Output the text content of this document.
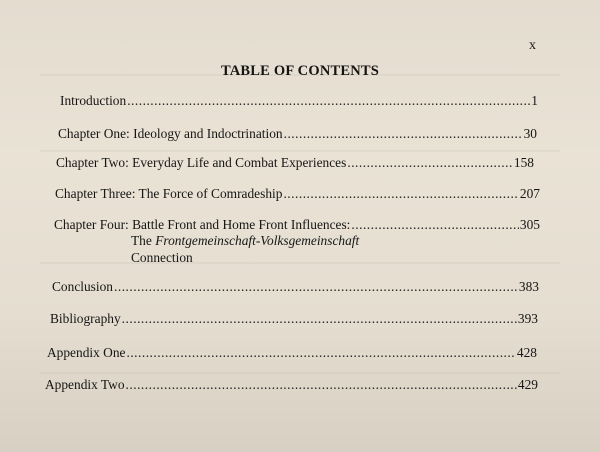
x
TABLE OF CONTENTS
Introduction .....	1
Chapter One: Ideology and Indoctrination .....	30
Chapter Two: Everyday Life and Combat Experiences .....	158
Chapter Three: The Force of Comradeship .....	207
Chapter Four: Battle Front and Home Front Influences: .....	305
The Frontgemeinschaft-Volksgemeinschaft
Connection
Conclusion .....	383
Bibliography .....	393
Appendix One .....	428
Appendix Two .....	429
